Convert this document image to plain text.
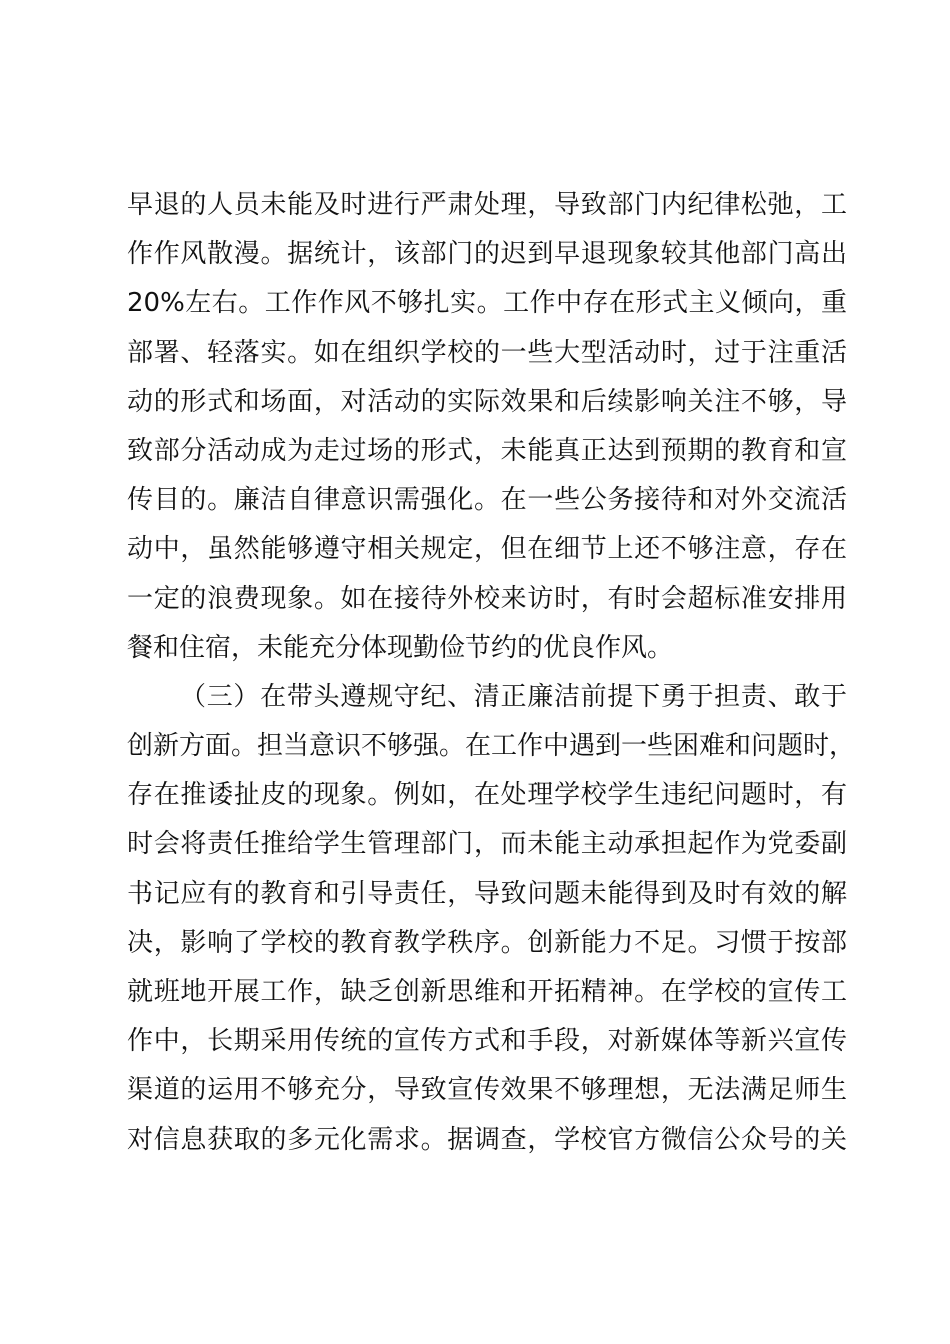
早退的人员未能及时进行严肃处理，导致部门内纪律松弛，工
作作风散漫。据统计，该部门的迟到早退现象较其他部门高出
20%左右。工作作风不够扎实。工作中存在形式主义倾向，重
部署、轻落实。如在组织学校的一些大型活动时，过于注重活
动的形式和场面，对活动的实际效果和后续影响关注不够，导
致部分活动成为走过场的形式，未能真正达到预期的教育和宣
传目的。廉洁自律意识需强化。在一些公务接待和对外交流活
动中，虽然能够遵守相关规定，但在细节上还不够注意，存在
一定的浪费现象。如在接待外校来访时，有时会超标准安排用
餐和住宿，未能充分体现勤俭节约的优良作风。
（三）在带头遵规守纪、清正廉洁前提下勇于担责、敢于
创新方面。担当意识不够强。在工作中遇到一些困难和问题时，
存在推诿扯皮的现象。例如，在处理学校学生违纪问题时，有
时会将责任推给学生管理部门，而未能主动承担起作为党委副
书记应有的教育和引导责任，导致问题未能得到及时有效的解
决，影响了学校的教育教学秩序。创新能力不足。习惯于按部
就班地开展工作，缺乏创新思维和开拓精神。在学校的宣传工
作中，长期采用传统的宣传方式和手段，对新媒体等新兴宣传
渠道的运用不够充分，导致宣传效果不够理想，无法满足师生
对信息获取的多元化需求。据调查，学校官方微信公众号的关
